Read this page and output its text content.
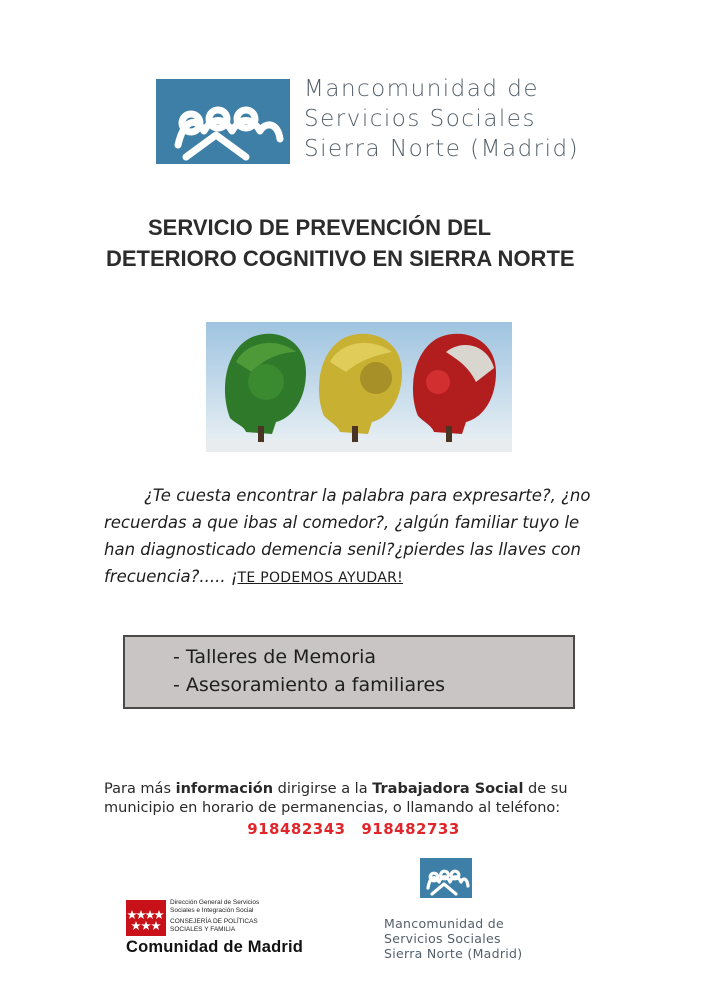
Mancomunidad de
Servicios Sociales
Sierra Norte (Madrid)
SERVICIO DE PREVENCIÓN DEL
DETERIORO COGNITIVO EN SIERRA NORTE
¿Te cuesta encontrar la palabra para expresarte?, ¿no recuerdas a que ibas al comedor?, ¿algún familiar tuyo le han diagnosticado demencia senil?¿pierdes las llaves con frecuencia?..... ¡TE PODEMOS AYUDAR!
- Talleres de Memoria
- Asesoramiento a familiares
Para más información dirigirse a la Trabajadora Social de su
municipio en horario de permanencias, o llamando al teléfono:
918482343 918482733
Dirección General de Servicios
Sociales e Integración Social
CONSEJERÍA DE POLÍTICAS
SOCIALES Y FAMILIA
Comunidad de Madrid
Mancomunidad de
Servicios Sociales
Sierra Norte (Madrid)
